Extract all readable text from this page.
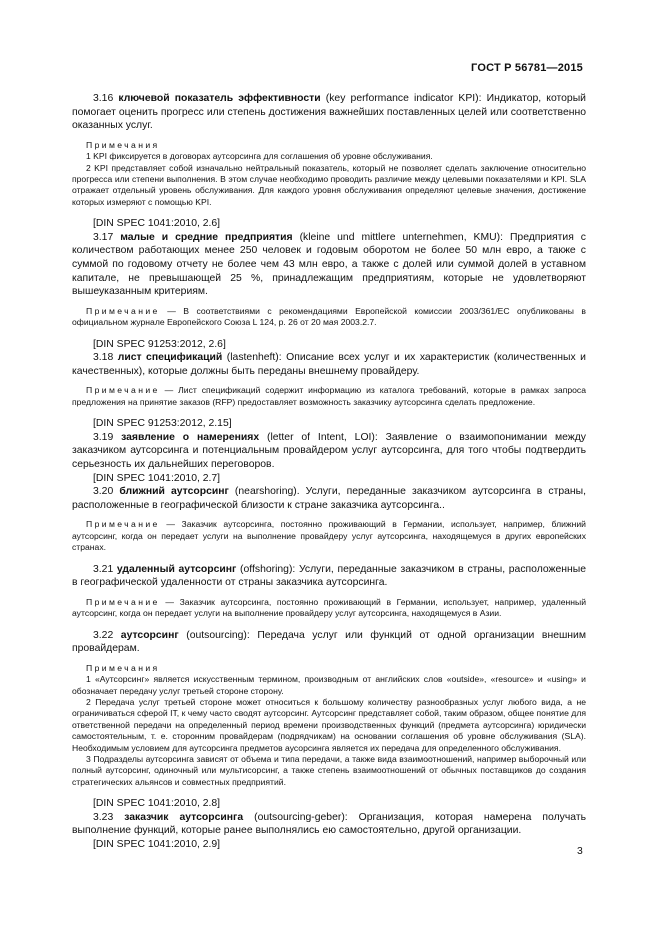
ГОСТ Р 56781—2015

3.16 ключевой показатель эффективности (key performance indicator KPI): Индикатор, который помогает оценить прогресс или степень достижения важнейших поставленных целей или соответственно оказанных услуг.

Примечания

1 KPI фиксируется в договорах аутсорсинга для соглашения об уровне обслуживания.

2 KPI представляет собой изначально нейтральный показатель, который не позволяет сделать заключение относительно прогресса или степени выполнения. В этом случае необходимо проводить различие между целевыми показателями и KPI. SLA отражает отдельный уровень обслуживания. Для каждого уровня обслуживания определяют целевые значения, достижение которых измеряют с помощью KPI.

[DIN SPEC 1041:2010, 2.6]

3.17 малые и средние предприятия (kleine und mittlere unternehmen, KMU): Предприятия с количеством работающих менее 250 человек и годовым оборотом не более 50 млн евро, а также с суммой по годовому отчету не более чем 43 млн евро, а также с долей или суммой долей в уставном капитале, не превышающей 25 %, принадлежащим предприятиям, которые не удовлетворяют вышеуказанным критериям.

Примечание — В соответствиями с рекомендациями Европейской комиссии 2003/361/ЕС опубликованы в официальном журнале Европейского Союза L 124, р. 26 от 20 мая 2003.2.7.

[DIN SPEC 91253:2012, 2.6]

3.18 лист спецификаций (lastenheft): Описание всех услуг и их характеристик (количественных и качественных), которые должны быть переданы внешнему провайдеру.

Примечание — Лист спецификаций содержит информацию из каталога требований, которые в рамках запроса предложения на принятие заказов (RFP) предоставляет возможность заказчику аутсорсинга сделать предложение.

[DIN SPEC 91253:2012, 2.15]

3.19 заявление о намерениях (letter of Intent, LOI): Заявление о взаимопонимании между заказчиком аутсорсинга и потенциальным провайдером услуг аутсорсинга, для того чтобы подтвердить серьезность их дальнейших переговоров.

[DIN SPEC 1041:2010, 2.7]

3.20 ближний аутсорсинг (nearshoring). Услуги, переданные заказчиком аутсорсинга в страны, расположенные в географической близости к стране заказчика аутсорсинга..

Примечание — Заказчик аутсорсинга, постоянно проживающий в Германии, использует, например, ближний аутсорсинг, когда он передает услуги на выполнение провайдеру услуг аутсорсинга, находящемуся в других европейских странах.

3.21 удаленный аутсорсинг (offshoring): Услуги, переданные заказчиком в страны, расположенные в географической удаленности от страны заказчика аутсорсинга.

Примечание — Заказчик аутсорсинга, постоянно проживающий в Германии, использует, например, удаленный аутсорсинг, когда он передает услуги на выполнение провайдеру услуг аутсорсинга, находящемуся в Азии.

3.22 аутсорсинг (outsourcing): Передача услуг или функций от одной организации внешним провайдерам.

Примечания

1 «Аутсорсинг» является искусственным термином, производным от английских слов «outside», «resource» и «using» и обозначает передачу услуг третьей стороне сторону.

2 Передача услуг третьей стороне может относиться к большому количеству разнообразных услуг любого вида, а не ограничиваться сферой IT, к чему часто сводят аутсорсинг. Аутсорсинг представляет собой, таким образом, общее понятие для ответственной передачи на определенный период времени производственных функций (предмета аутсорсинга) юридически самостоятельным, т. е. сторонним провайдерам (подрядчикам) на основании соглашения об уровне обслуживания (SLA). Необходимым условием для аутсорсинга предметов аусорсинга является их передача для определенного обслуживания.

3 Подразделы аутсорсинга зависят от объема и типа передачи, а также вида взаимоотношений, например выборочный или полный аутсорсинг, одиночный или мультисорсинг, а также степень взаимоотношений от обычных поставщиков до создания стратегических альянсов и совместных предприятий.

[DIN SPEC 1041:2010, 2.8]

3.23 заказчик аутсорсинга (outsourcing-geber): Организация, которая намерена получать выполнение функций, которые ранее выполнялись ею самостоятельно, другой организации.

[DIN SPEC 1041:2010, 2.9]

3
